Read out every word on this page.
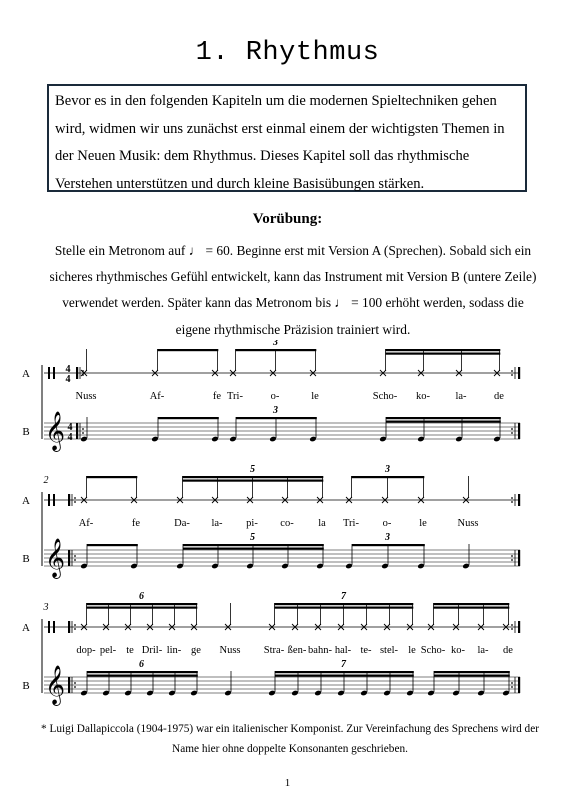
1. Rhythmus
Bevor es in den folgenden Kapiteln um die modernen Spieltechniken gehen wird, widmen wir uns zunächst erst einmal einem der wichtigsten Themen in der Neuen Musik: dem Rhythmus. Dieses Kapitel soll das rhythmische Verstehen unterstützen und durch kleine Basisübungen stärken.
Vorübung:
Stelle ein Metronom auf ♩ = 60. Beginne erst mit Version A (Sprechen). Sobald sich ein sicheres rhythmisches Gefühl entwickelt, kann das Instrument mit Version B (untere Zeile) verwendet werden. Später kann das Metronom bis ♩ = 100 erhöht werden, sodass die eigene rhythmische Präzision trainiert wird.
A
B 𝄞
4
4
4
4
Nuss	Af-	fe Tri-	o-	le
3
3
Scho- ko- la-	de
A
B
2
𝄞
Af-	fe	Da- la- pi- co- la
5
5
Tri- o-	le
3
3
Nuss
A
B
3
𝄞
dop- pel- te Dril- lin- ge
6
6
Nuss Stra- ßen- bahn- hal- te- stel- le
7
7
Scho- ko- la- de
* Luigi Dallapiccola (1904-1975) war ein italienischer Komponist. Zur Vereinfachung des Sprechens wird der Name hier ohne doppelte Konsonanten geschrieben.
1
